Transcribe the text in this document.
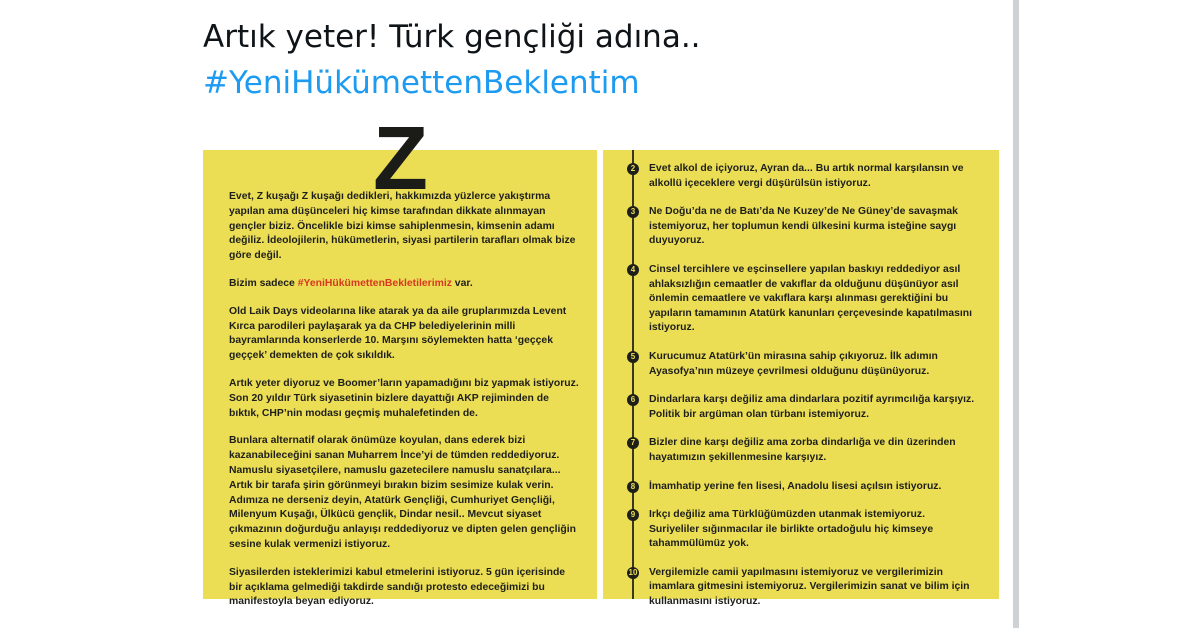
Artık yeter! Türk gençliği adına..
#YeniHükümettenBeklentim
Z

Evet, Z kuşağı Z kuşağı dedikleri, hakkımızda yüzlerce yakıştırma yapılan ama düşünceleri hiç kimse tarafından dikkate alınmayan gençler biziz. Öncelikle bizi kimse sahiplenmesin, kimsenin adamı değiliz. İdeolojilerin, hükümetlerin, siyasi partilerin tarafları olmak bize göre değil.

Bizim sadece #YeniHükümettenBekletilerimiz var.

Old Laik Days videolarına like atarak ya da aile gruplarımızda Levent Kırca parodileri paylaşarak ya da CHP belediyelerinin milli bayramlarında konserlerde 10. Marşını söylemekten hatta ‘geççek geççek’ demekten de çok sıkıldık.

Artık yeter diyoruz ve Boomer’ların yapamadığını biz yapmak istiyoruz. Son 20 yıldır Türk siyasetinin bizlere dayattığı AKP rejiminden de bıktık, CHP’nin modası geçmiş muhalefetinden de.

Bunlara alternatif olarak önümüze koyulan, dans ederek bizi kazanabileceğini sanan Muharrem İnce’yi de tümden reddediyoruz. Namuslu siyasetçilere, namuslu gazetecilere namuslu sanatçılara... Artık bir tarafa şirin görünmeyi bırakın bizim sesimize kulak verin. Adımıza ne derseniz deyin, Atatürk Gençliği, Cumhuriyet Gençliği, Milenyum Kuşağı, Ülkücü gençlik, Dindar nesil.. Mevcut siyaset çıkmazının doğurduğu anlayışı reddediyoruz ve dipten gelen gençliğin sesine kulak vermenizi istiyoruz.

Siyasilerden isteklerimizi kabul etmelerini istiyoruz. 5 gün içerisinde bir açıklama gelmediği takdirde sandığı protesto edeceğimizi bu manifestoyla beyan ediyoruz.

2	Evet alkol de içiyoruz, Ayran da... Bu artık normal karşılansın ve alkollü içeceklere vergi düşürülsün istiyoruz.
3	Ne Doğu’da ne de Batı’da Ne Kuzey’de Ne Güney’de savaşmak istemiyoruz, her toplumun kendi ülkesini kurma isteğine saygı duyuyoruz.
4	Cinsel tercihlere ve eşcinsellere yapılan baskıyı reddediyor asıl ahlaksızlığın cemaatler de vakıflar da olduğunu düşünüyor asıl önlemin cemaatlere ve vakıflara karşı alınması gerektiğini bu yapıların tamamının Atatürk kanunları çerçevesinde kapatılmasını istiyoruz.
5	Kurucumuz Atatürk’ün mirasına sahip çıkıyoruz. İlk adımın Ayasofya’nın müzeye çevrilmesi olduğunu düşünüyoruz.
6	Dindarlara karşı değiliz ama dindarlara pozitif ayrımcılığa karşıyız. Politik bir argüman olan türbanı istemiyoruz.
7	Bizler dine karşı değiliz ama zorba dindarlığa ve din üzerinden hayatımızın şekillenmesine karşıyız.
8	İmamhatip yerine fen lisesi, Anadolu lisesi açılsın istiyoruz.
9	Irkçı değiliz ama Türklüğümüzden utanmak istemiyoruz. Suriyeliler sığınmacılar ile birlikte ortadoğulu hiç kimseye tahammülümüz yok.
10 Vergilemizle camii yapılmasını istemiyoruz ve vergilerimizin imamlara gitmesini istemiyoruz. Vergilerimizin sanat ve bilim için kullanmasını istiyoruz.
